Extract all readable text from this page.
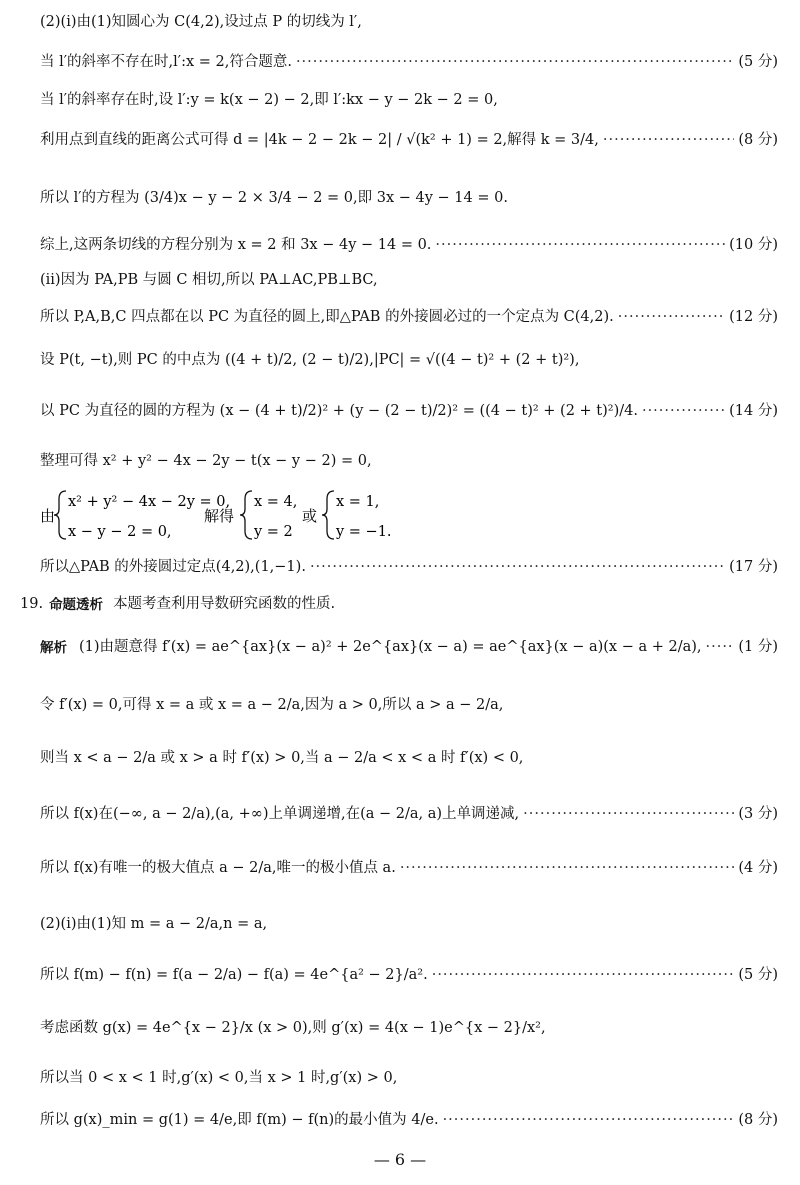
(2)(ⅰ)由(1)知圆心为 C(4,2),设过点 P 的切线为 l′,
当 l′的斜率不存在时,l′:x = 2,符合题意. ·····	(5 分)
当 l′的斜率存在时,设 l′:y = k(x − 2) − 2,即 l′:kx − y − 2k − 2 = 0,
利用点到直线的距离公式可得 d = |4k − 2 − 2k − 2| / √(k² + 1) = 2,解得 k = 3/4, ·····	(8 分)
所以 l′的方程为 (3/4)x − y − 2 × 3/4 − 2 = 0,即 3x − 4y − 14 = 0.
综上,这两条切线的方程分别为 x = 2 和 3x − 4y − 14 = 0. ·····	(10 分)
(ⅱ)因为 PA,PB 与圆 C 相切,所以 PA⊥AC,PB⊥BC,
所以 P,A,B,C 四点都在以 PC 为直径的圆上,即△PAB 的外接圆必过的一个定点为 C(4,2). ·····	(12 分)
设 P(t, −t),则 PC 的中点为 ((4 + t)/2, (2 − t)/2),|PC| = √((4 − t)² + (2 + t)²),
以 PC 为直径的圆的方程为 (x − (4 + t)/2)² + (y − (2 − t)/2)² = ((4 − t)² + (2 + t)²)/4. ·····	(14 分)
整理可得 x² + y² − 4x − 2y − t(x − y − 2) = 0,
由
x² + y² − 4x − 2y = 0,
x − y − 2 = 0,
解得
x = 4,
y = 2
或
x = 1,
y = −1.
所以△PAB 的外接圆过定点(4,2),(1,−1). ·····	(17 分)
19. 命题透析 本题考查利用导数研究函数的性质.
解析 (1)由题意得 f′(x) = ae^{ax}(x − a)² + 2e^{ax}(x − a) = ae^{ax}(x − a)(x − a + 2/a), ·····	(1 分)
令 f′(x) = 0,可得 x = a 或 x = a − 2/a,因为 a > 0,所以 a > a − 2/a,
则当 x < a − 2/a 或 x > a 时 f′(x) > 0,当 a − 2/a < x < a 时 f′(x) < 0,
所以 f(x)在(−∞, a − 2/a),(a, +∞)上单调递增,在(a − 2/a, a)上单调递减, ·····	(3 分)
所以 f(x)有唯一的极大值点 a − 2/a,唯一的极小值点 a. ·····	(4 分)
(2)(ⅰ)由(1)知 m = a − 2/a,n = a,
所以 f(m) − f(n) = f(a − 2/a) − f(a) = 4e^{a² − 2}/a². ·····	(5 分)
考虑函数 g(x) = 4e^{x − 2}/x (x > 0),则 g′(x) = 4(x − 1)e^{x − 2}/x²,
所以当 0 < x < 1 时,g′(x) < 0,当 x > 1 时,g′(x) > 0,
所以 g(x)_min = g(1) = 4/e,即 f(m) − f(n)的最小值为 4/e. ·····	(8 分)
— 6 —
